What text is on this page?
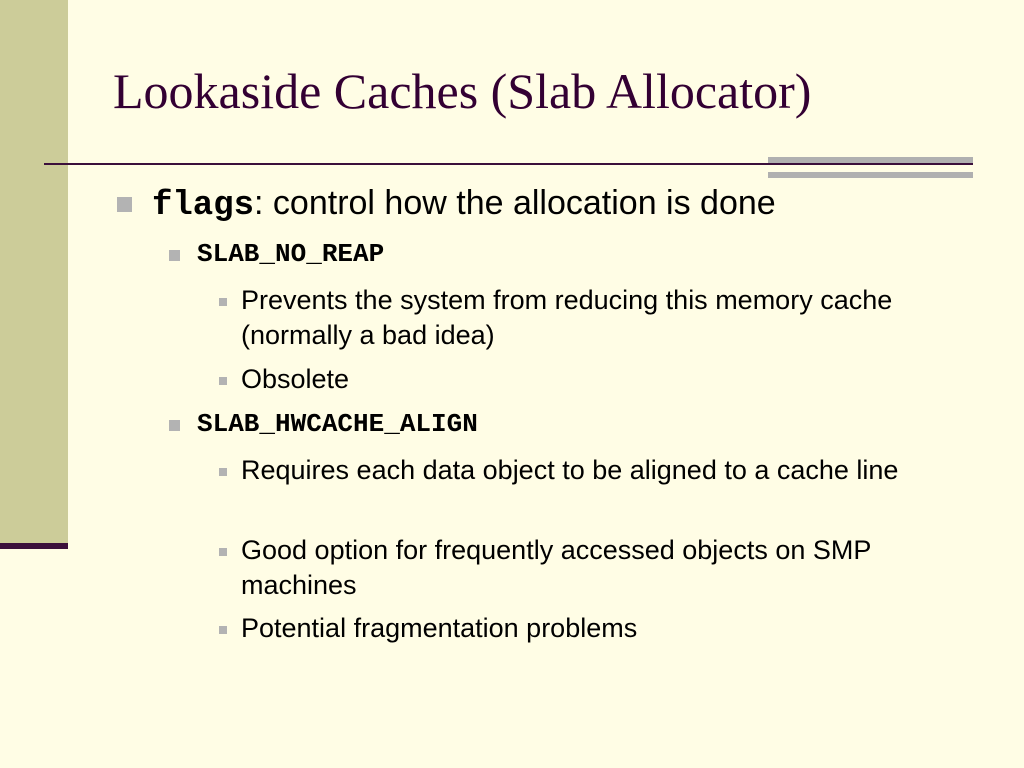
Lookaside Caches (Slab Allocator)
flags: control how the allocation is done
SLAB_NO_REAP
Prevents the system from reducing this memory cache (normally a bad idea)
Obsolete
SLAB_HWCACHE_ALIGN
Requires each data object to be aligned to a cache line
Good option for frequently accessed objects on SMP machines
Potential fragmentation problems
